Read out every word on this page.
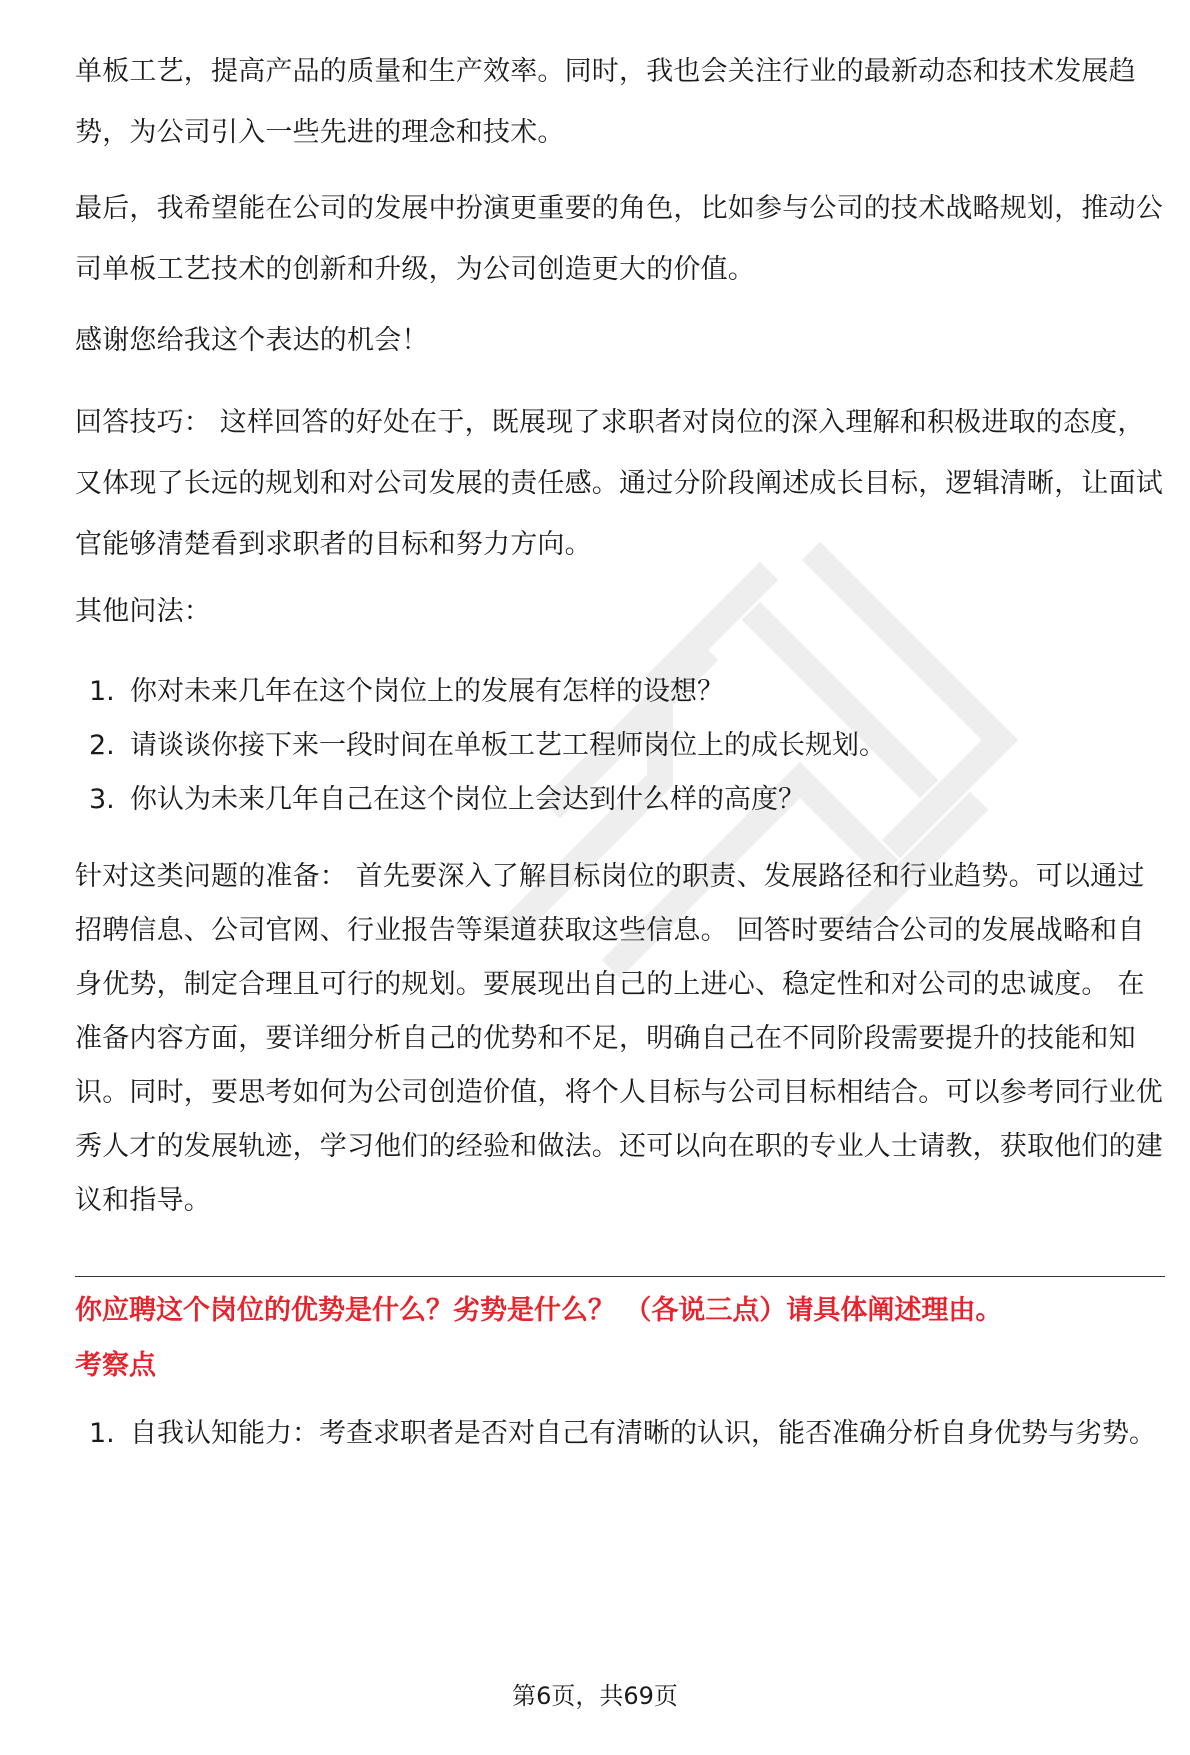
单板工艺，提高产品的质量和生产效率。同时，我也会关注行业的最新动态和技术发展趋势，为公司引入一些先进的理念和技术。

最后，我希望能在公司的发展中扮演更重要的角色，比如参与公司的技术战略规划，推动公司单板工艺技术的创新和升级，为公司创造更大的价值。

感谢您给我这个表达的机会！

回答技巧： 这样回答的好处在于，既展现了求职者对岗位的深入理解和积极进取的态度，又体现了长远的规划和对公司发展的责任感。通过分阶段阐述成长目标，逻辑清晰，让面试官能够清楚看到求职者的目标和努力方向。

其他问法：

1. 你对未来几年在这个岗位上的发展有怎样的设想？
2. 请谈谈你接下来一段时间在单板工艺工程师岗位上的成长规划。
3. 你认为未来几年自己在这个岗位上会达到什么样的高度？

针对这类问题的准备： 首先要深入了解目标岗位的职责、发展路径和行业趋势。可以通过招聘信息、公司官网、行业报告等渠道获取这些信息。 回答时要结合公司的发展战略和自身优势，制定合理且可行的规划。要展现出自己的上进心、稳定性和对公司的忠诚度。 在准备内容方面，要详细分析自己的优势和不足，明确自己在不同阶段需要提升的技能和知识。同时，要思考如何为公司创造价值，将个人目标与公司目标相结合。可以参考同行业优秀人才的发展轨迹，学习他们的经验和做法。还可以向在职的专业人士请教，获取他们的建议和指导。

你应聘这个岗位的优势是什么？劣势是什么？ （各说三点）请具体阐述理由。
考察点
1. 自我认知能力：考查求职者是否对自己有清晰的认识，能否准确分析自身优势与劣势。
第6页，共69页
